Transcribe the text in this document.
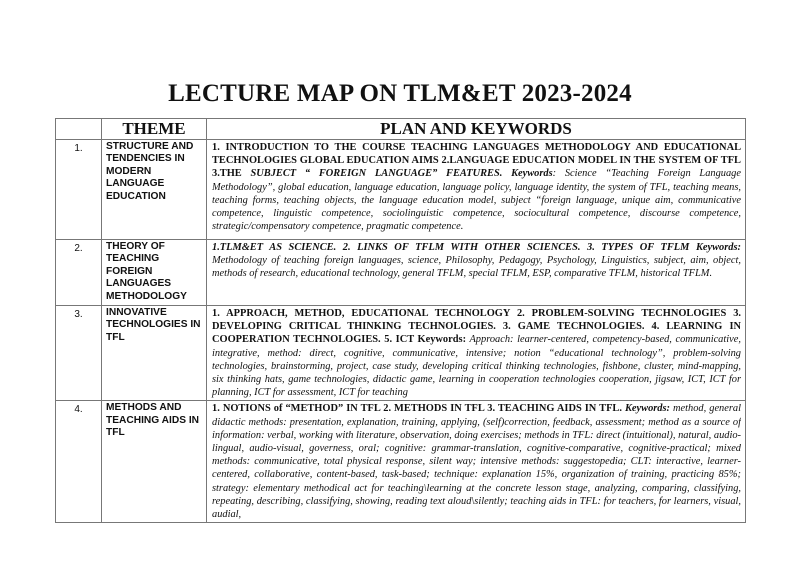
LECTURE MAP ON TLM&ET 2023-2024
	THEME	PLAN AND KEYWORDS
1.	STRUCTURE AND TENDENCIES IN MODERN LANGUAGE EDUCATION	1. INTRODUCTION TO THE COURSE TEACHING LANGUAGES METHODOLOGY AND EDUCATIONAL TECHNOLOGIES GLOBAL EDUCATION AIMS 2.LANGUAGE EDUCATION MODEL IN THE SYSTEM OF TFL 3.THE SUBJECT “ FOREIGN LANGUAGE” FEATURES. Keywords: Science “Teaching Foreign Language Methodology”, global education, language education, language policy, language identity, the system of TFL, teaching means, teaching forms, teaching objects, the language education model, subject “foreign language, unique aim, communicative competence, linguistic competence, sociolinguistic competence, sociocultural competence, discourse competence, strategic/compensatory competence, pragmatic competence.
2.	THEORY OF TEACHING FOREIGN LANGUAGES METHODOLOGY	1.TLM&ET AS SCIENCE. 2. LINKS OF TFLM WITH OTHER SCIENCES. 3. TYPES OF TFLM Keywords: Methodology of teaching foreign languages, science, Philosophy, Pedagogy, Psychology, Linguistics, subject, aim, object, methods of research, educational technology, general TFLM, special TFLM, ESP, comparative TFLM, historical TFLM.
3.	INNOVATIVE TECHNOLOGIES IN TFL	1. APPROACH, METHOD, EDUCATIONAL TECHNOLOGY 2. PROBLEM-SOLVING TECHNOLOGIES 3. DEVELOPING CRITICAL THINKING TECHNOLOGIES. 3. GAME TECHNOLOGIES. 4. LEARNING IN COOPERATION TECHNOLOGIES. 5. ICT Keywords: Approach: learner-centered, competency-based, communicative, integrative, method: direct, cognitive, communicative, intensive; notion “educational technology”, problem-solving technologies, brainstorming, project, case study, developing critical thinking technologies, fishbone, cluster, mind-mapping, six thinking hats, game technologies, didactic game, learning in cooperation technologies cooperation, jigsaw, ICT, ICT for planning, ICT for assessment, ICT for teaching
4.	METHODS AND TEACHING AIDS IN TFL	1. NOTIONS of “METHOD” IN TFL 2. METHODS IN TFL 3. TEACHING AIDS IN TFL. Keywords: method, general didactic methods: presentation, explanation, training, applying, (self)correction, feedback, assessment; method as a source of information: verbal, working with literature, observation, doing exercises; methods in TFL: direct (intuitional), natural, audio-lingual, audio-visual, governess, oral; cognitive: grammar-translation, cognitive-comparative, cognitive-practical; mixed methods: communicative, total physical response, silent way; intensive methods: suggestopedia; CLT: interactive, learner-centered, collaborative, content-based, task-based; technique: explanation 15%, organization of training, practicing 85%; strategy: elementary methodical act for teaching\learning at the concrete lesson stage, analyzing, comparing, classifying, repeating, describing, classifying, showing, reading text aloud\silently; teaching aids in TFL: for teachers, for learners, visual, audial,
